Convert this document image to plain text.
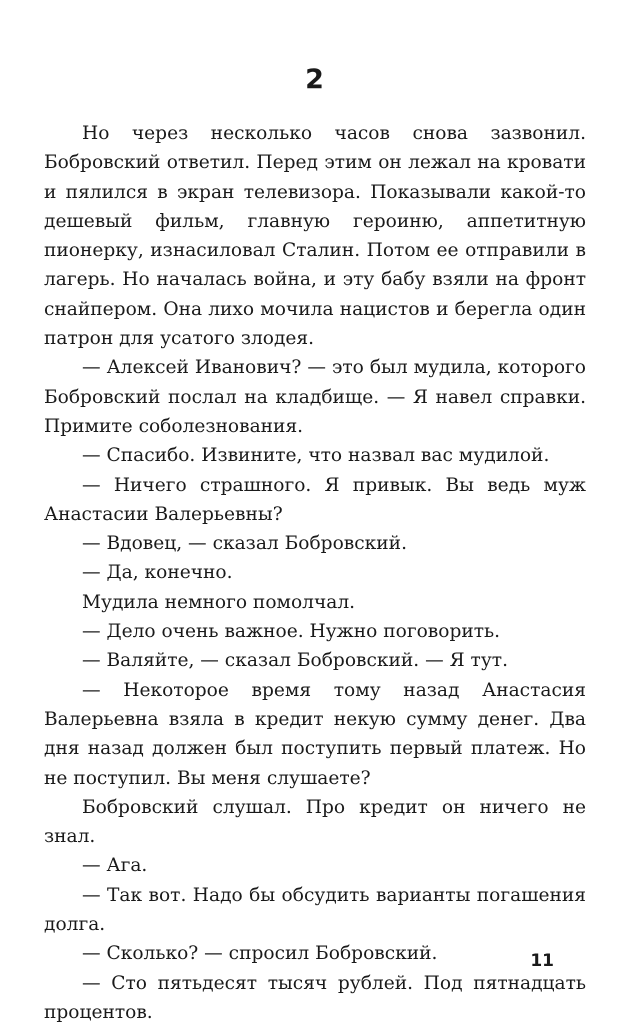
2

Но через несколько часов снова зазвонил. Бобровский ответил. Перед этим он лежал на кровати и пялился в экран телевизора. Показывали какой-то дешевый фильм, главную героиню, аппетитную пионерку, изнасиловал Сталин. Потом ее отправили в лагерь. Но началась война, и эту бабу взяли на фронт снайпером. Она лихо мочила нацистов и берегла один патрон для усатого злодея.

— Алексей Иванович? — это был мудила, которого Бобровский послал на кладбище. — Я навел справки. Примите соболезнования.

— Спасибо. Извините, что назвал вас мудилой.

— Ничего страшного. Я привык. Вы ведь муж Анастасии Валерьевны?

— Вдовец, — сказал Бобровский.

— Да, конечно.

Мудила немного помолчал.

— Дело очень важное. Нужно поговорить.

— Валяйте, — сказал Бобровский. — Я тут.

— Некоторое время тому назад Анастасия Валерьевна взяла в кредит некую сумму денег. Два дня назад должен был поступить первый платеж. Но не поступил. Вы меня слушаете?

Бобровский слушал. Про кредит он ничего не знал.

— Ага.

— Так вот. Надо бы обсудить варианты погашения долга.

— Сколько? — спросил Бобровский.

— Сто пятьдесят тысяч рублей. Под пятнадцать процентов.

11
